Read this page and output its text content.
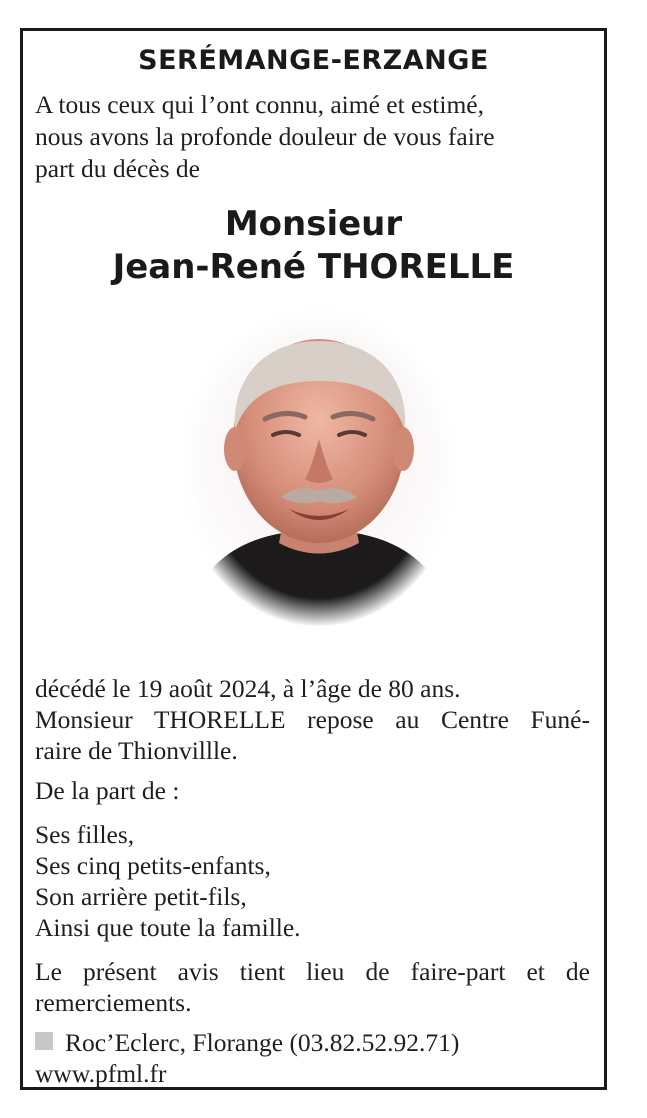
SERÉMANGE-ERZANGE
A tous ceux qui l’ont connu, aimé et estimé,
nous avons la profonde douleur de vous faire
part du décès de
Monsieur
Jean-René THORELLE
décédé le 19 août 2024, à l’âge de 80 ans.
Monsieur THORELLE repose au Centre Funé-
raire de Thionvillle.
De la part de :
Ses filles,
Ses cinq petits-enfants,
Son arrière petit-fils,
Ainsi que toute la famille.
Le présent avis tient lieu de faire-part et de
remerciements.
Roc’Eclerc, Florange (03.82.52.92.71)
www.pfml.fr
